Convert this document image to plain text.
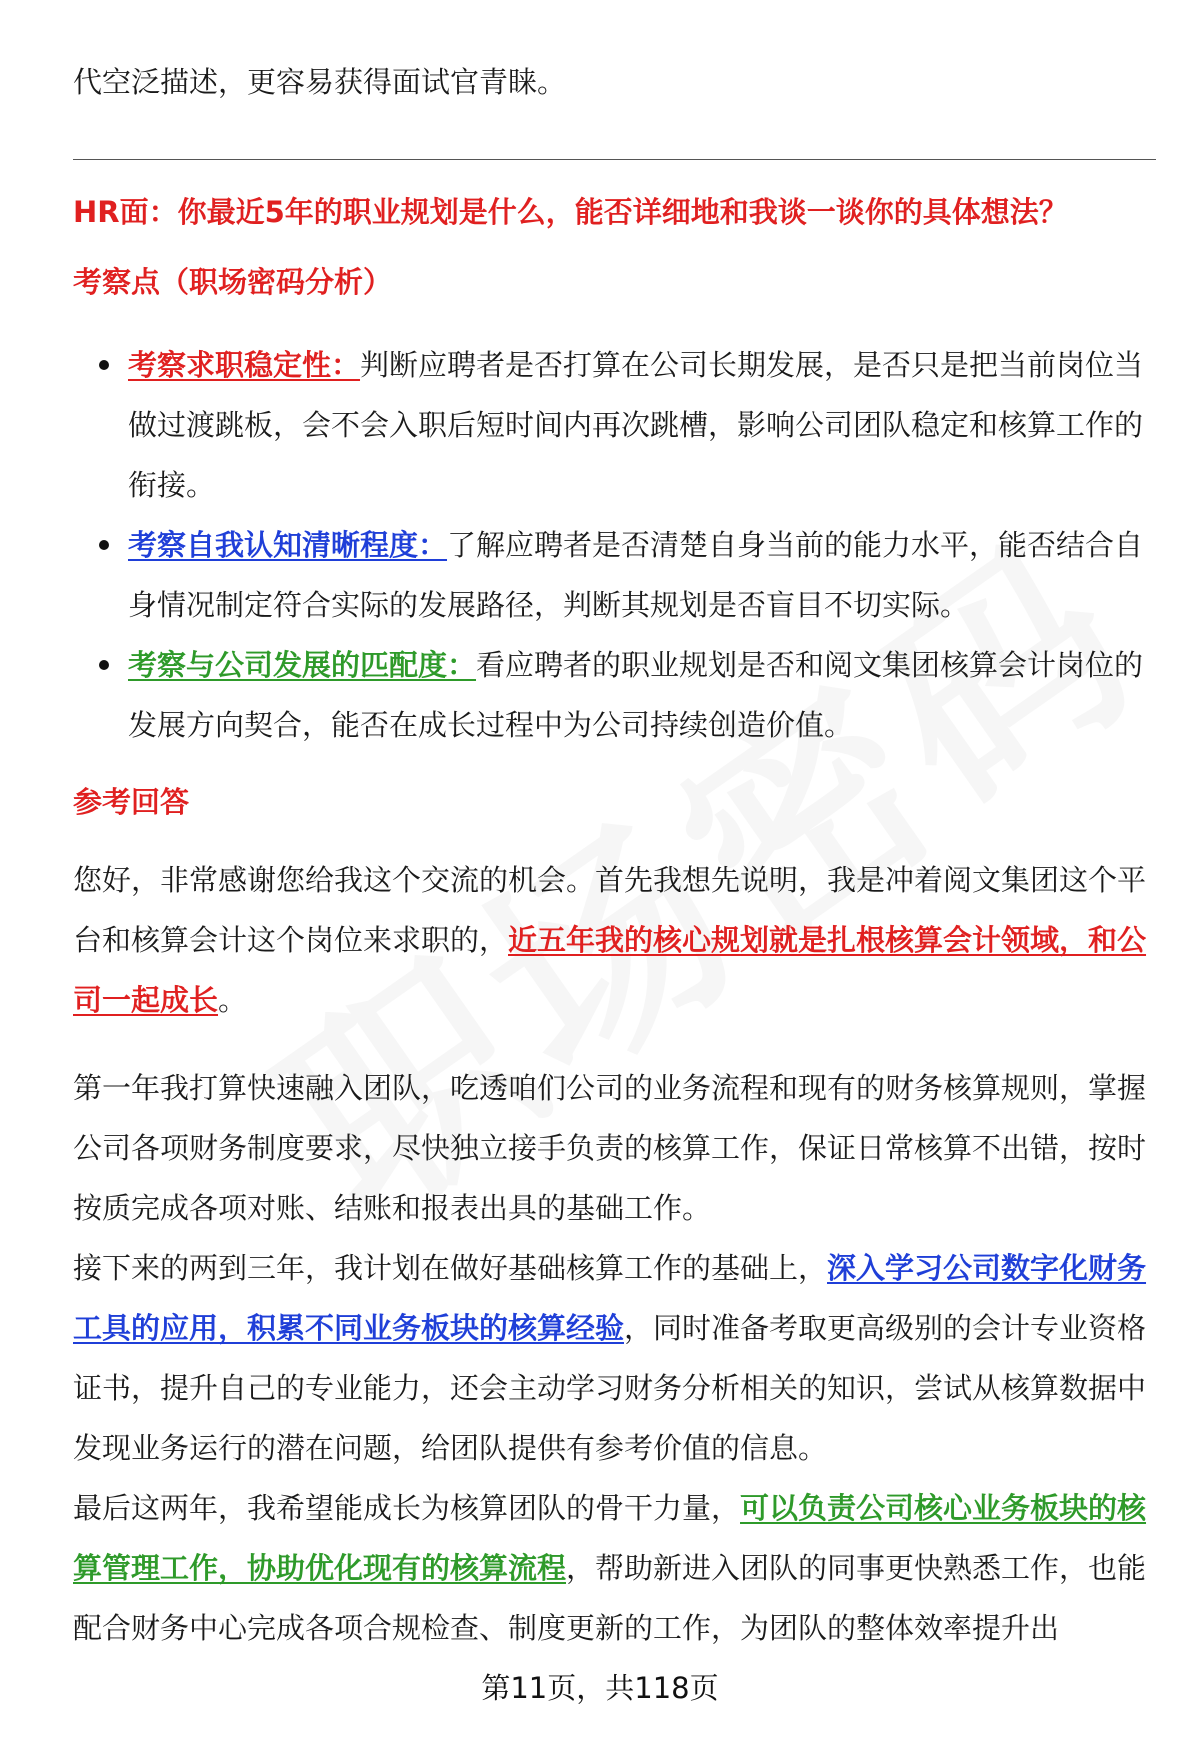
代空泛描述，更容易获得面试官青睐。
HR面：你最近5年的职业规划是什么，能否详细地和我谈一谈你的具体想法？
考察点（职场密码分析）
考察求职稳定性：判断应聘者是否打算在公司长期发展，是否只是把当前岗位当做过渡跳板，会不会入职后短时间内再次跳槽，影响公司团队稳定和核算工作的衔接。
考察自我认知清晰程度：了解应聘者是否清楚自身当前的能力水平，能否结合自身情况制定符合实际的发展路径，判断其规划是否盲目不切实际。
考察与公司发展的匹配度：看应聘者的职业规划是否和阅文集团核算会计岗位的发展方向契合，能否在成长过程中为公司持续创造价值。
参考回答
您好，非常感谢您给我这个交流的机会。首先我想先说明，我是冲着阅文集团这个平台和核算会计这个岗位来求职的，近五年我的核心规划就是扎根核算会计领域，和公司一起成长。
第一年我打算快速融入团队，吃透咱们公司的业务流程和现有的财务核算规则，掌握公司各项财务制度要求，尽快独立接手负责的核算工作，保证日常核算不出错，按时按质完成各项对账、结账和报表出具的基础工作。
接下来的两到三年，我计划在做好基础核算工作的基础上，深入学习公司数字化财务工具的应用，积累不同业务板块的核算经验，同时准备考取更高级别的会计专业资格证书，提升自己的专业能力，还会主动学习财务分析相关的知识，尝试从核算数据中发现业务运行的潜在问题，给团队提供有参考价值的信息。
最后这两年，我希望能成长为核算团队的骨干力量，可以负责公司核心业务板块的核算管理工作，协助优化现有的核算流程，帮助新进入团队的同事更快熟悉工作，也能配合财务中心完成各项合规检查、制度更新的工作，为团队的整体效率提升出
第11页，共118页
